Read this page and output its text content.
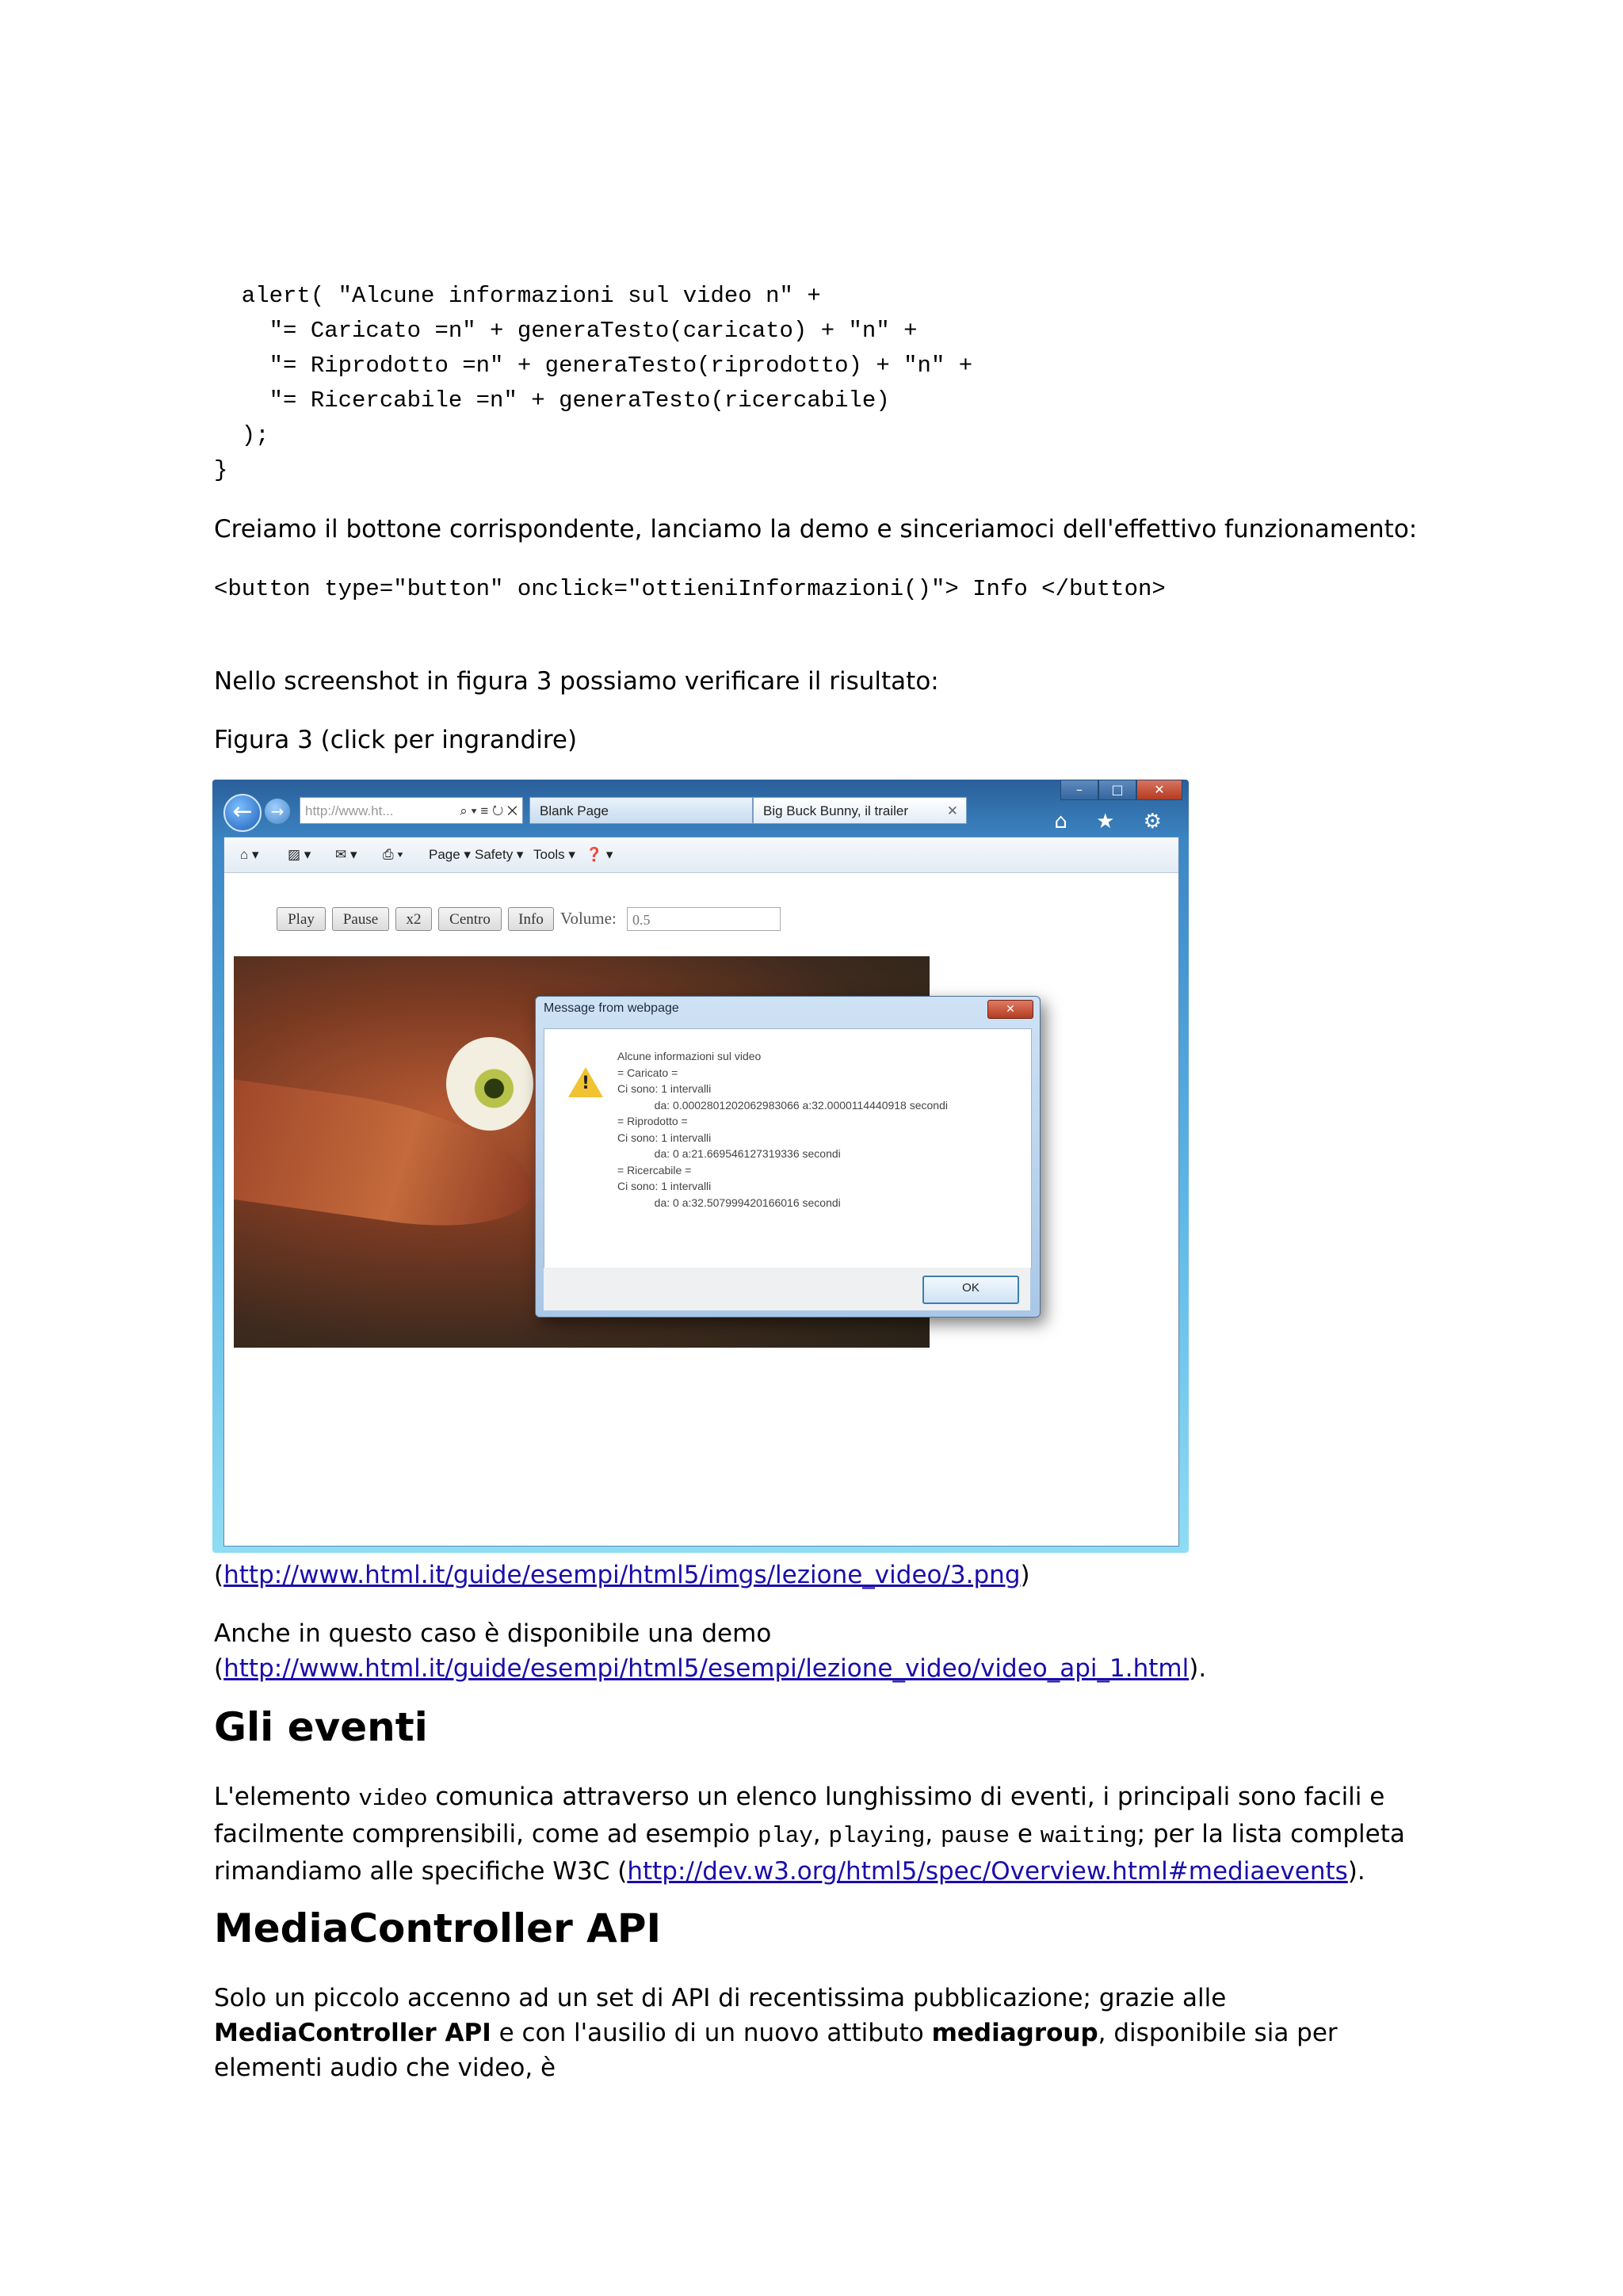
alert( "Alcune informazioni sul video n" +
"= Caricato =n" + generaTesto(caricato) + "n" +
"= Riprodotto =n" + generaTesto(riprodotto) + "n" +
"= Ricercabile =n" + generaTesto(ricercabile)
);
}

Creiamo il bottone corrispondente, lanciamo la demo e sinceriamoci dell'effettivo funzionamento:
<button type="button" onclick="ottieniInformazioni()"> Info </button>
Nello screenshot in figura 3 possiamo verificare il risultato:
Figura 3 (click per ingrandire)
←	→	http://www.ht...	⌕ ▾ ≡ ↻ ✕	Blank Page	Big Buck Bunny, il trailer	✕
–	□	✕
⌂ ★ ⚙
⌂ ▾ ▨ ▾ ✉ ▾ ⎙ ▾ Page ▾ Safety ▾ Tools ▾ ❓ ▾
Play	Pause	x2	Centro	Info	Volume:	0.5
Message from webpage	✕
!
Alcune informazioni sul video
= Caricato =
Ci sono: 1 intervalli
da: 0.0002801202062983066 a:32.0000114440918 secondi
= Riprodotto =
Ci sono: 1 intervalli
da: 0 a:21.669546127319336 secondi
= Ricercabile =
Ci sono: 1 intervalli
da: 0 a:32.507999420166016 secondi
OK
(http://www.html.it/guide/esempi/html5/imgs/lezione_video/3.png)
Anche in questo caso è disponibile una demo
(http://www.html.it/guide/esempi/html5/esempi/lezione_video/video_api_1.html).
Gli eventi
L'elemento video comunica attraverso un elenco lunghissimo di eventi, i principali sono facili e facilmente comprensibili, come ad esempio play, playing, pause e waiting; per la lista completa rimandiamo alle specifiche W3C (http://dev.w3.org/html5/spec/Overview.html#mediaevents).
MediaController API
Solo un piccolo accenno ad un set di API di recentissima pubblicazione; grazie alle MediaController API e con l'ausilio di un nuovo attibuto mediagroup, disponibile sia per elementi audio che video, è
